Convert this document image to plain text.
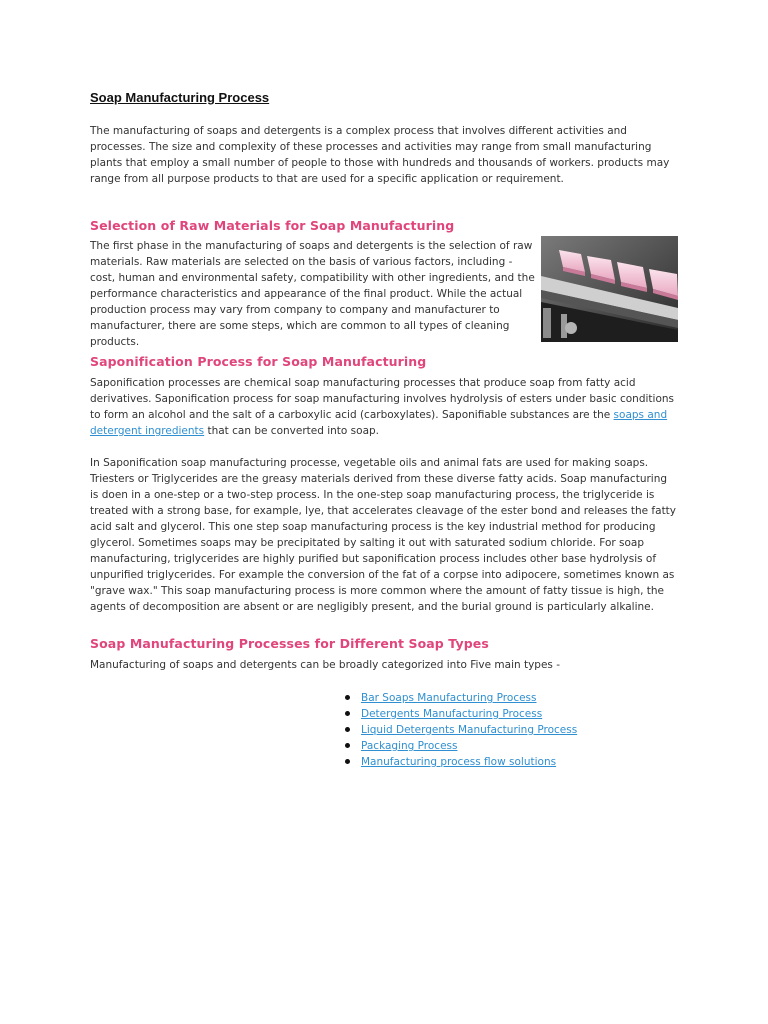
Soap Manufacturing Process

The manufacturing of soaps and detergents is a complex process that involves different activities and processes. The size and complexity of these processes and activities may range from small manufacturing plants that employ a small number of people to those with hundreds and thousands of workers. products may range from all purpose products to that are used for a specific application or requirement.

Selection of Raw Materials for Soap Manufacturing

The first phase in the manufacturing of soaps and detergents is the selection of raw materials. Raw materials are selected on the basis of various factors, including - cost, human and environmental safety, compatibility with other ingredients, and the performance characteristics and appearance of the final product. While the actual production process may vary from company to company and manufacturer to manufacturer, there are some steps, which are common to all types of cleaning products.

Saponification Process for Soap Manufacturing

Saponification processes are chemical soap manufacturing processes that produce soap from fatty acid derivatives. Saponification process for soap manufacturing involves hydrolysis of esters under basic conditions to form an alcohol and the salt of a carboxylic acid (carboxylates). Saponifiable substances are the soaps and detergent ingredients that can be converted into soap.

In Saponification soap manufacturing processe, vegetable oils and animal fats are used for making soaps. Triesters or Triglycerides are the greasy materials derived from these diverse fatty acids. Soap manufacturing is doen in a one-step or a two-step process. In the one-step soap manufacturing process, the triglyceride is treated with a strong base, for example, lye, that accelerates cleavage of the ester bond and releases the fatty acid salt and glycerol. This one step soap manufacturing process is the key industrial method for producing glycerol. Sometimes soaps may be precipitated by salting it out with saturated sodium chloride. For soap manufacturing, triglycerides are highly purified but saponification process includes other base hydrolysis of unpurified triglycerides. For example the conversion of the fat of a corpse into adipocere, sometimes known as "grave wax." This soap manufacturing process is more common where the amount of fatty tissue is high, the agents of decomposition are absent or are negligibly present, and the burial ground is particularly alkaline.

Soap Manufacturing Processes for Different Soap Types

Manufacturing of soaps and detergents can be broadly categorized into Five main types -

Bar Soaps Manufacturing Process
Detergents Manufacturing Process
Liquid Detergents Manufacturing Process
Packaging Process
Manufacturing process flow solutions
